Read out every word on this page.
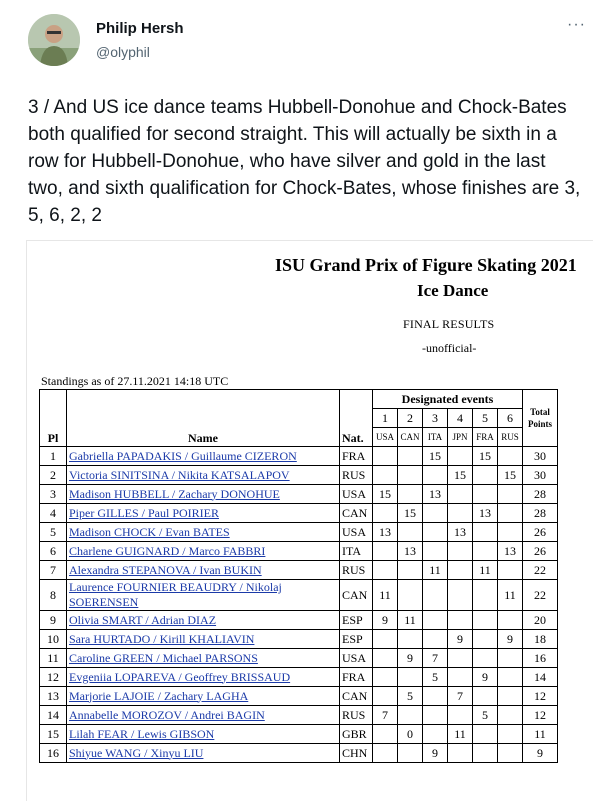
Philip Hersh
@olyphil
···
3 / And US ice dance teams Hubbell-Donohue and Chock-Bates both qualified for second straight. This will actually be sixth in a row for Hubbell-Donohue, who have silver and gold in the last two, and sixth qualification for Chock-Bates, whose finishes are 3, 5, 6, 2, 2
ISU Grand Prix of Figure Skating 2021
Ice Dance
FINAL RESULTS
-unofficial-
Standings as of 27.11.2021 14:18 UTC
Pl	Name	Nat.	Designated events						Total Points
			1	2	3	4	5	6	
			USA	CAN	ITA	JPN	FRA	RUS	
1	Gabriella PAPADAKIS / Guillaume CIZERON	FRA			15		15		30
2	Victoria SINITSINA / Nikita KATSALAPOV	RUS				15		15	30
3	Madison HUBBELL / Zachary DONOHUE	USA	15		13				28
4	Piper GILLES / Paul POIRIER	CAN		15			13		28
5	Madison CHOCK / Evan BATES	USA	13			13			26
6	Charlene GUIGNARD / Marco FABBRI	ITA		13				13	26
7	Alexandra STEPANOVA / Ivan BUKIN	RUS			11		11		22
8	Laurence FOURNIER BEAUDRY / Nikolaj SOERENSEN	CAN	11					11	22
9	Olivia SMART / Adrian DIAZ	ESP	9	11					20
10	Sara HURTADO / Kirill KHALIAVIN	ESP				9		9	18
11	Caroline GREEN / Michael PARSONS	USA		9	7				16
12	Evgeniia LOPAREVA / Geoffrey BRISSAUD	FRA			5		9		14
13	Marjorie LAJOIE / Zachary LAGHA	CAN		5		7			12
14	Annabelle MOROZOV / Andrei BAGIN	RUS	7				5		12
15	Lilah FEAR / Lewis GIBSON	GBR		0		11			11
16	Shiyue WANG / Xinyu LIU	CHN			9				9
